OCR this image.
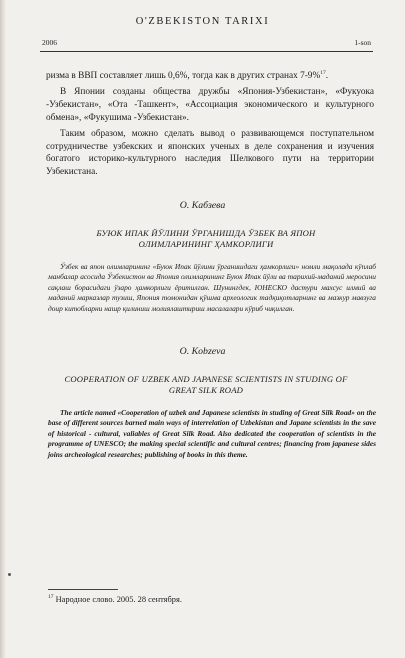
O'ZBEKISTON TARIXI
2006	1-son

ризма в ВВП составляет лишь 0,6%, тогда как в других странах 7-9%$^{17}$.

В Японии созданы общества дружбы «Япония-Узбекистан», «Фукуока -Узбекистан», «Ота -Ташкент», «Ассоциация экономического и культурного обмена», «Фукушима -Узбекистан».

Таким образом, можно сделать вывод о развивающемся поступательном сотрудничестве узбекских и японских ученых в деле сохранения и изучения богатого историко-культурного наследия Шелкового пути на территории Узбекистана.

О. Кабзева
БУЮК ИПАК ЙЎЛИНИ ЎРГАНИШДА ЎЗБЕК ВА ЯПОН ОЛИМЛАРИНИНГ ҲАМКОРЛИГИ

Ўзбек ва япон олимларининг «Буюк Ипак йўлини ўрганишдаги ҳамкорлиги» номли мақолада кўплаб манбалар асосида Ўзбекистон ва Япония олимларининг Буюк Ипак йўли ва тарихий-маданий меросини сақлаш борасидаги ўзаро ҳамкорлиги ёритилган. Шунингдек, ЮНЕСКО дастури махсус илмий ва маданий марказлар тузиш, Япония томонидан қўшма археологик тадқиқотларнинг ва мазкур мавзуга доир китобларни нашр қилиниш молиялаштириш масалалари кўриб чиқилган.

O. Kobzeva
COOPERATION OF UZBEK AND JAPANESE SCIENTISTS IN STUDING OF GREAT SILK ROAD

The article named «Cooperation of uzbek and Japanese scientists in studing of Great Silk Road» on the base of different sources barned main ways of interrelation of Uzbekistan and Japane scientists in the save of historical - cultural, valiables of Great Silk Road. Also dedicated the cooperation of scientists in the programme of UNESCO; the making special scientific and cultural centres; financing from japanese sides joins archeological researches; publishing of books in this theme.

$^{17}$ Народное слово. 2005. 28 сентября.
